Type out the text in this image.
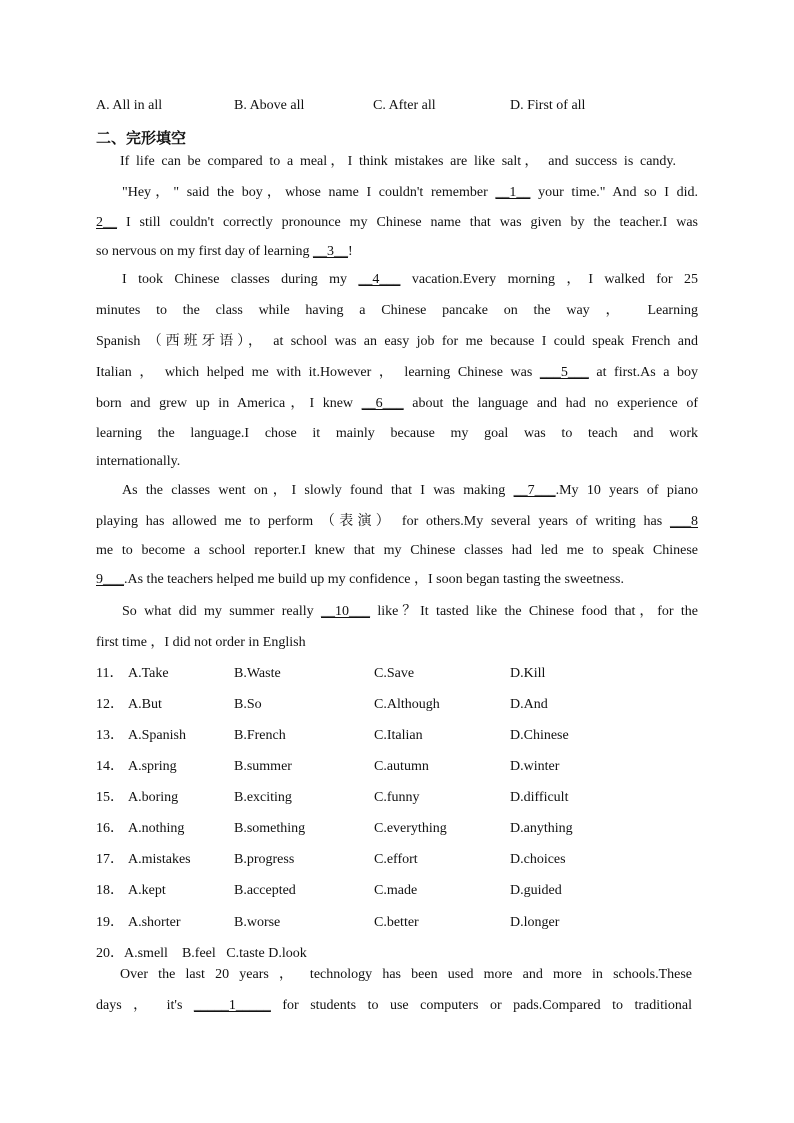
A. All in all	B. Above all	C. After all	D. First of all
二、完形填空
If life can be compared to a meal，I think mistakes are like salt， and success is candy.
"Hey，" said the boy，whose name I couldn't remember __1__ your time." And so I did.
2__ I still couldn't correctly pronounce my Chinese name that was given by the teacher.I was
so nervous on my first day of learning __3__!
I took Chinese classes during my __4___ vacation.Every morning ，I walked for 25
minutes to the class while having a Chinese pancake on the way ， Learning
Spanish （西班牙语）， at school was an easy job for me because I could speak French and
Italian ， which helped me with it.However ， learning Chinese was ___5___ at first.As a boy
born and grew up in America，I knew __6___ about the language and had no experience of
learning the language.I chose it mainly because my goal was to teach and work
internationally.
As the classes went on，I slowly found that I was making __7___.My 10 years of piano
playing has allowed me to perform （表演） for others.My several years of writing has ___8
me to become a school reporter.I knew that my Chinese classes had led me to speak Chinese
9___.As the teachers helped me build up my confidence ，I soon began tasting the sweetness.
So what did my summer really __10___ like？It tasted like the Chinese food that，for the
first time ，I did not order in English
11． A.Take	B.Waste	C.Save	D.Kill
12． A.But	B.So	C.Although	D.And
13． A.Spanish	B.French	C.Italian	D.Chinese
14． A.spring	B.summer	C.autumn	D.winter
15． A.boring	B.exciting	C.funny	D.difficult
16． A.nothing	B.something	C.everything	D.anything
17． A.mistakes	B.progress	C.effort	D.choices
18． A.kept	B.accepted	C.made	D.guided
19． A.shorter	B.worse	C.better	D.longer
20．A.smell    B.feel   C.taste D.look
Over the last 20 years ， technology has been used more and more in schools.These
days ， it's _____1_____ for students to use computers or pads.Compared to traditional
